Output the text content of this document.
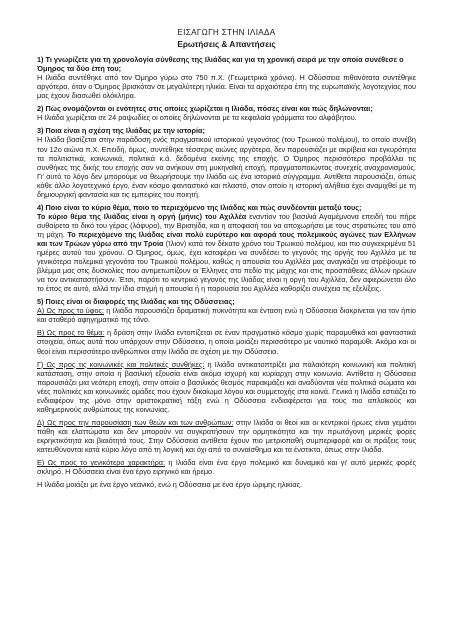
ΕΙΣΑΓΩΓΗ ΣΤΗΝ ΙΛΙΑΔΑ
Ερωτήσεις & Απαντήσεις

1) Τι γνωρίζετε για τη χρονολογία σύνθεσης της Ιλιάδας και για τη χρονική σειρά με την οποία συνέθεσε ο Όμηρος τα δύο έπη του;

Η Ιλιάδα συντέθηκε από τον Όμηρο γύρω στο 750 π.Χ. (Γεωμετρικά χρόνια). Η Οδύσσεια πιθανότατα συντέθηκε αργότερα, όταν ο Όμηρος βρισκόταν σε μεγαλύτερη ηλικία. Είναι τα αρχαιότερα έπη της ευρωπαϊκής λογοτεχνίας που μας έχουν διασωθεί ολόκληρα.

2) Πώς ονομάζονται οι ενότητες στις οποίες χωρίζεται η Ιλιάδα, πόσες είναι και πώς δηλώνονται;

Η Ιλιάδα χωρίζεται σε 24 ραψωδίες οι οποίες δηλώνονται με τα κεφαλαία γράμματα του αλφάβητου.

3) Ποια είναι η σχέση της Ιλιάδας με την ιστορία;

Η Ιλιάδα βασίζεται στην παράδοση ενός πραγματικού ιστορικού γεγονότος (του Τρωικού πολέμου), το οποίο συνέβη τον 12ο αιώνα π.Χ. Επειδή, όμως, συντέθηκε τέσσερις αιώνες αργότερα, δεν παρουσιάζει με ακρίβεια και εγκυρότητα τα πολιτιστικά, κοινωνικά, πολιτικά κ.ά. δεδομένα εκείνης της εποχής. Ο Όμηρος περισσότερο προβάλλει τις συνθήκες της δικής του εποχής σαν να ανήκουν στη μυκηναϊκή εποχή, πραγματοποιώντας συνεχείς αναχρονισμούς. Γι' αυτό το λόγο δεν μπορούμε να θεωρήσουμε την Ιλιάδα ως ένα ιστορικό σύγγραμμα. Αντίθετα παρουσιάζει, όπως κάθε άλλο λογοτεχνικό έργο, έναν κόσμο φανταστικό και πλαστό, στον οποίο η ιστορική αλήθεια έχει αναμιχθεί με τη δημιουργική φαντασία και τις εμπειρίες του ποιητή.

4) Ποιο είναι το κύριο θέμα, ποιο το περιεχόμενο της Ιλιάδας και πώς συνδέονται μεταξύ τους;

Το κύριο θέμα της Ιλιάδας είναι η οργή (μήνις) του Αχιλλέα εναντίον του βασιλιά Αγαμέμνονα επειδή του πήρε αυθαίρετα το δικό του γέρας (λάφυρο), την Βρισηίδα, και η αποφασή του να αποχωρήσει με τους στρατιώτες του από τη μάχη. Το περιεχόμενο της Ιλιάδας είναι πολύ ευρύτερο και αφορά τους πολεμικούς αγώνες των Ελλήνων και των Τρώων γύρω από την Τροία (Ίλιον) κατά τον δέκατο χρόνο του Τρωικού πολέμου, και πιο συγκεκριμένα 51 ημέρες αυτού του χρόνου. Ο Όμηρος, όμως, έχει καταφέρει να συνδέσει το γεγονός της οργής του Αχιλλέα με τα γενικότερα πολεμικά γεγονότα του Τρωικού πολέμου, καθώς η απουσία του Αχιλλέα μας αναγκάζει να στρέψουμε το βλέμμα μας στις δυσκολίες που αντιμετωπίζουν οι Έλληνες στο πεδίο της μάχης και στις προσπάθειες άλλων ηρώων να τον αντικαταστήσουν. Έτσι, παρότι το κεντρικό γεγονός της Ιλιάδας είναι η οργή του Αχιλλέα, δεν αφιερώνεται όλο το έπος σε αυτό, αλλά την ίδια στιγμή η απουσία ή η παρουσία του Αχιλλέα καθορίζει συνέχεια τις εξελίξεις.

5) Ποιες είναι οι διαφορές της Ιλιάδας και της Οδύσσειας;

Α) Ως προς το ύφος: η Ιλιάδα παρουσιάζει δραματική πυκνότητα και ένταση ενώ η Οδύσσεια διακρίνεται για τον ήπιο και σταθερό αφηγηματικό της τόνο.

Β) Ως προς το θέμα: η δράση στην Ιλιάδα εντοπίζεται σε έναν πραγματικό κόσμο χωρίς παραμυθικά και φανταστικά στοιχεία, όπως αυτά που υπάρχουν στην Οδύσσεια, η οποία μοιάζει περισσότερο με ναυτικό παραμύθι. Ακόμα και οι θεοί είναι περισσότερο ανθρώπινοι στην Ιλιάδα σε σχέση με την Οδύσσεια.

Γ) Ως προς τις κοινωνικές και πολιτικές συνθήκες: η Ιλιάδα αντικατοπτρίζει μια παλαιότερη κοινωνική και πολιτική κατάσταση, στην οποία η βασιλική εξουσία είναι ακόμα ισχυρή και κυρίαρχη στην κοινωνία. Αντίθετα η Οδύσσεια παρουσιάζει μια νεότερη εποχή, στην οποία ο βασιλικός θεσμός παρακμάζει και αναδύονται νέα πολιτικά σώματα και νέες πολιτικές και κοινωνικές ομάδες που έχουν δικαίωμα λόγου και συμμετοχής στα κοινά. Γενικά η Ιλιάδα εστιάζει το ενδιαφέρον της μόνο στην αριστοκρατική τάξη ενώ η Οδύσσεια ενδιαφέρεται για τους πιο απλοϊκούς και καθημερινούς ανθρώπους της κοινωνίας.

Δ) Ως προς την παρουσίαση των θεών και των ανθρώπων: στην Ιλιάδα οι θεοί και οι κεντρικοί ήρωες είναι γεμάτοι πάθη και ελαττώματα και δεν μπορούν να συγκρατήσουν την ορμητικότητα και την πρωτόγονη μερικές φορές εκρηκτικότητα και βιαιότητά τους. Στην Οδύσσεια αντίθετα έχουν πιο μετριοπαθή συμπεριφορά και οι πράξεις τους κατευθύνονται κατά κύριο λόγο από τη λογική και όχι από το συναίσθημα και τα ένστικτα, όπως στην Ιλιάδα.

Ε) Ως προς το γενικότερο χαρακτήρα: η Ιλιάδα είναι ένα έργο πολεμικό και δυναμικό και γι' αυτό μερικές φορές σκληρό. Η Οδύσσεια είναι ένα έργο ειρηνικό και ήρεμο.

Η Ιλιάδα μοιάζει με ένα έργο νεανικό, ενώ η Οδύσσεια με ένα έργο ώριμης ηλικίας.
